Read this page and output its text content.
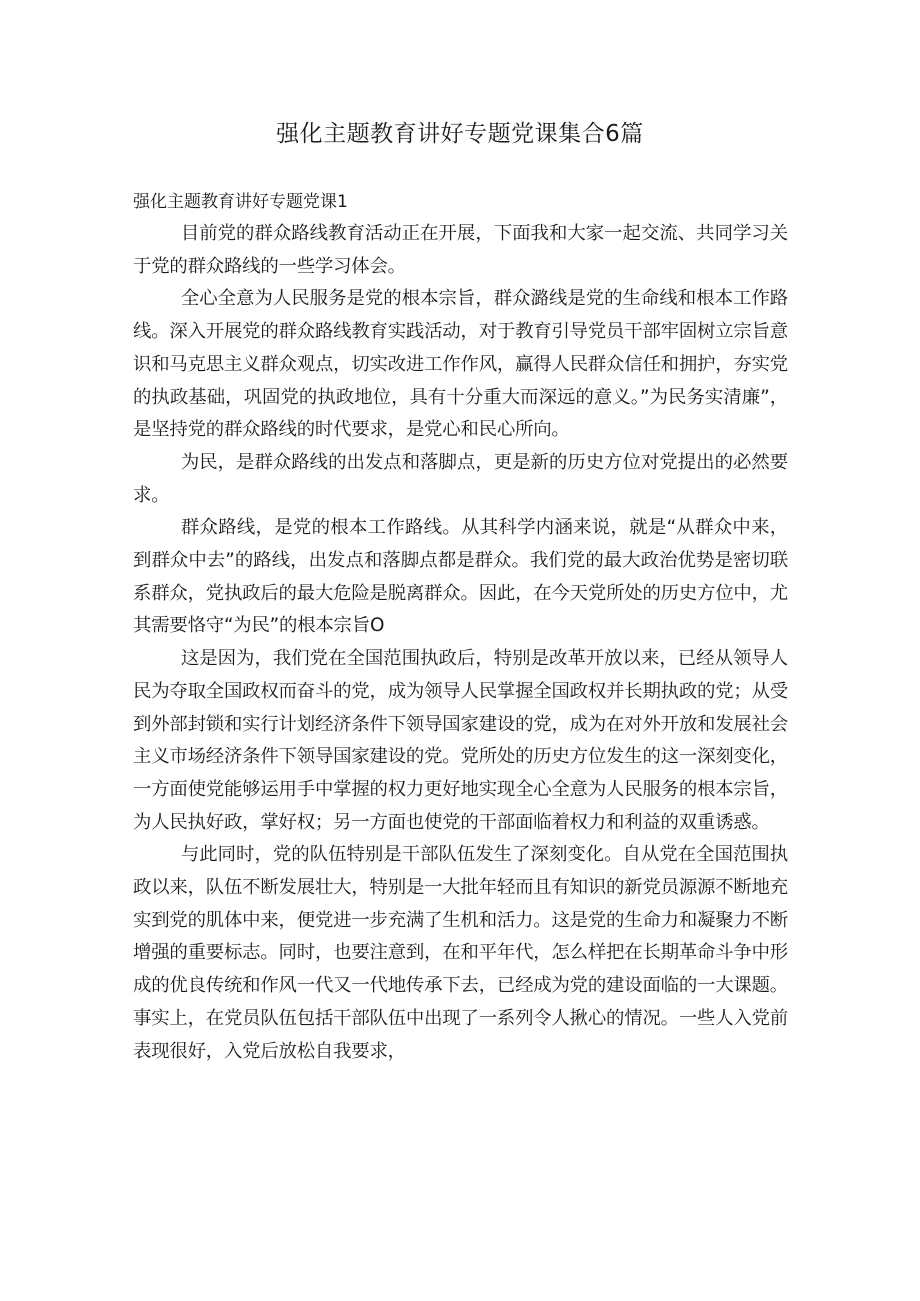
强化主题教育讲好专题党课集合6篇
强化主题教育讲好专题党课1

目前党的群众路线教育活动正在开展，下面我和大家一起交流、共同学习关于党的群众路线的一些学习体会。

全心全意为人民服务是党的根本宗旨，群众潞线是党的生命线和根本工作路线。深入开展党的群众路线教育实践活动，对于教育引导党员干部牢固树立宗旨意识和马克思主义群众观点，切实改进工作作风，赢得人民群众信任和拥护，夯实党的执政基础，巩固党的执政地位，具有十分重大而深远的意义。”为民务实清廉”，是坚持党的群众路线的时代要求，是党心和民心所向。

为民，是群众路线的出发点和落脚点，更是新的历史方位对党提出的必然要求。

群众路线，是党的根本工作路线。从其科学内涵来说，就是“从群众中来，到群众中去”的路线，出发点和落脚点都是群众。我们党的最大政治优势是密切联系群众，党执政后的最大危险是脱离群众。因此，在今天党所处的历史方位中，尤其需要恪守“为民”的根本宗旨O

这是因为，我们党在全国范围执政后，特别是改革开放以来，已经从领导人民为夺取全国政权而奋斗的党，成为领导人民掌握全国政权并长期执政的党；从受到外部封锁和实行计划经济条件下领导国家建设的党，成为在对外开放和发展社会主义市场经济条件下领导国家建设的党。党所处的历史方位发生的这一深刻变化，一方面使党能够运用手中掌握的权力更好地实现全心全意为人民服务的根本宗旨，为人民执好政，掌好权；另一方面也使党的干部面临着权力和利益的双重诱惑。

与此同时，党的队伍特别是干部队伍发生了深刻变化。自从党在全国范围执政以来，队伍不断发展壮大，特别是一大批年轻而且有知识的新党员源源不断地充实到党的肌体中来，便党进一步充满了生机和活力。这是党的生命力和凝聚力不断增强的重要标志。同时，也要注意到，在和平年代，怎么样把在长期革命斗争中形成的优良传统和作风一代又一代地传承下去，已经成为党的建设面临的一大课题。事实上，在党员队伍包括干部队伍中出现了一系列令人揪心的情况。一些人入党前表现很好，入党后放松自我要求，
